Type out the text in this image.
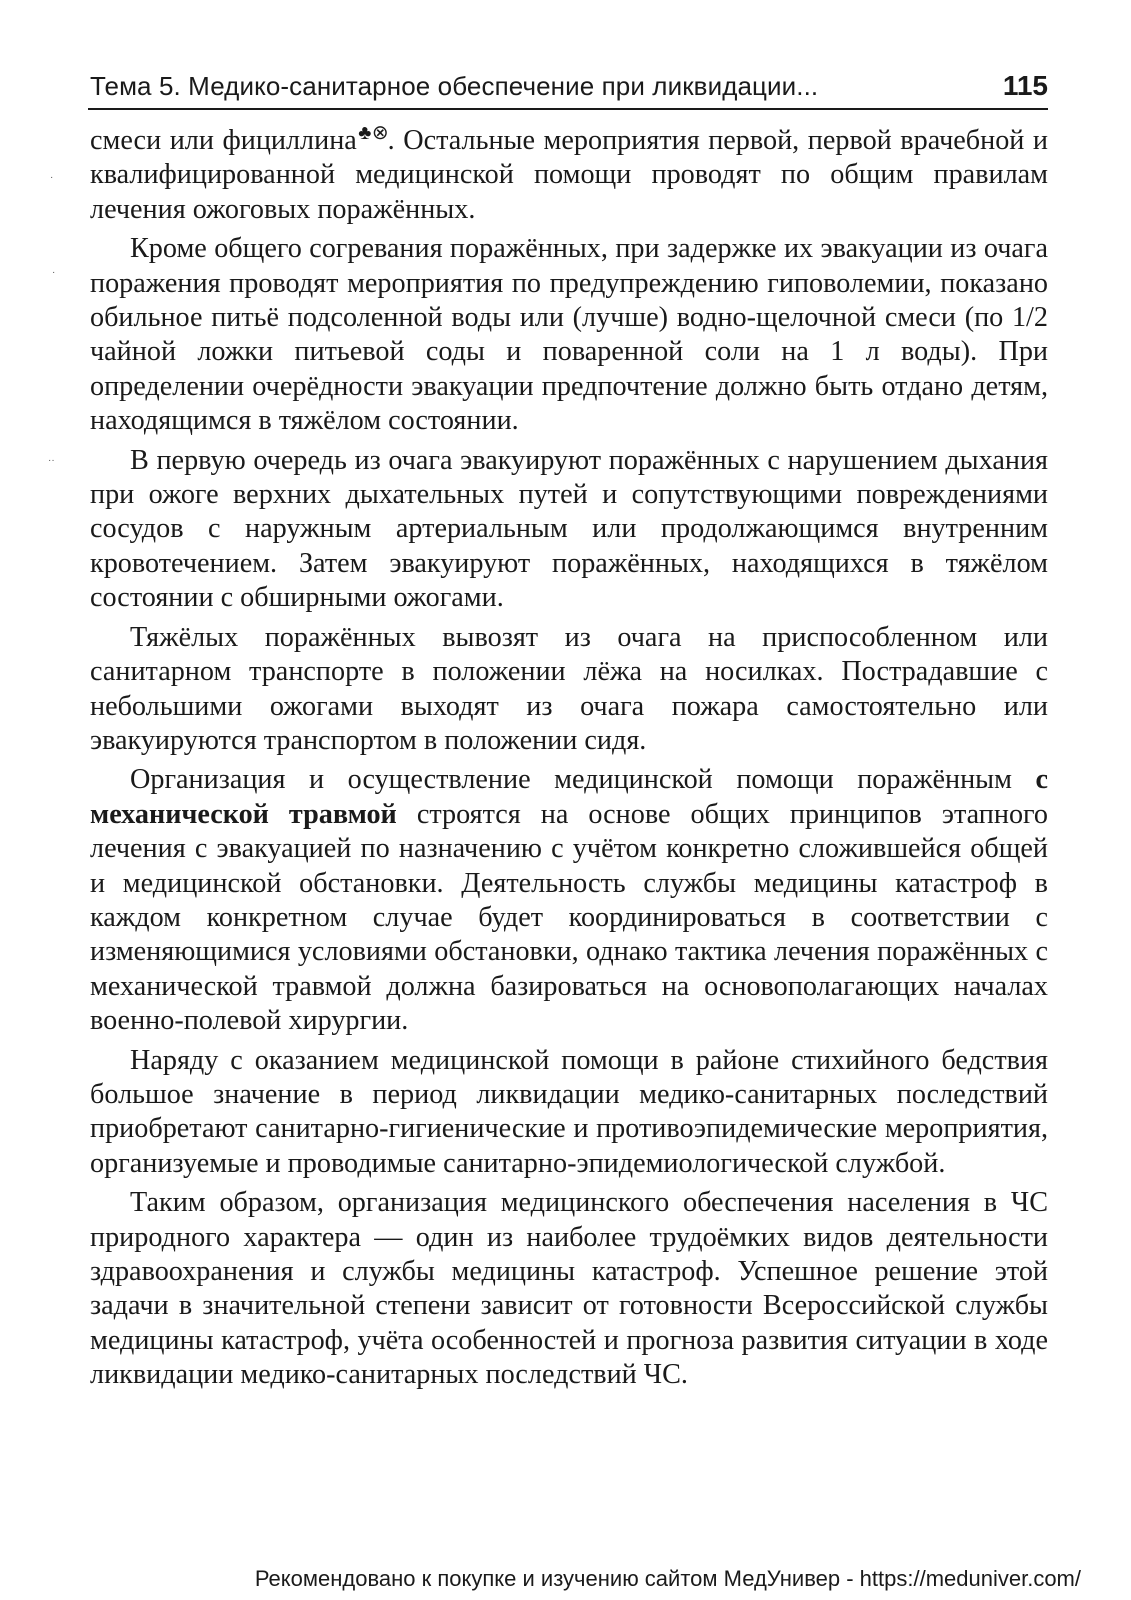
Тема 5. Медико-санитарное обеспечение при ликвидации...	115
·
·
··

смеси или фициллина♣⊗. Остальные мероприятия первой, первой врачебной и квалифицированной медицинской помощи проводят по общим правилам лечения ожоговых поражённых.

Кроме общего согревания поражённых, при задержке их эвакуации из очага поражения проводят мероприятия по предупреждению гиповолемии, показано обильное питьё подсоленной воды или (лучше) водно-щелочной смеси (по 1/2 чайной ложки питьевой соды и поваренной соли на 1 л воды). При определении очерёдности эвакуации предпочтение должно быть отдано детям, находящимся в тяжёлом состоянии.

В первую очередь из очага эвакуируют поражённых с нарушением дыхания при ожоге верхних дыхательных путей и сопутствующими повреждениями сосудов с наружным артериальным или продолжающимся внутренним кровотечением. Затем эвакуируют поражённых, находящихся в тяжёлом состоянии с обширными ожогами.

Тяжёлых поражённых вывозят из очага на приспособленном или санитарном транспорте в положении лёжа на носилках. Пострадавшие с небольшими ожогами выходят из очага пожара самостоятельно или эвакуируются транспортом в положении сидя.

Организация и осуществление медицинской помощи поражённым с механической травмой строятся на основе общих принципов этапного лечения с эвакуацией по назначению с учётом конкретно сложившейся общей и медицинской обстановки. Деятельность службы медицины катастроф в каждом конкретном случае будет координироваться в соответствии с изменяющимися условиями обстановки, однако тактика лечения поражённых с механической травмой должна базироваться на основополагающих началах военно-полевой хирургии.

Наряду с оказанием медицинской помощи в районе стихийного бедствия большое значение в период ликвидации медико-санитарных последствий приобретают санитарно-гигиенические и противоэпидемические мероприятия, организуемые и проводимые санитарно-эпидемиологической службой.

Таким образом, организация медицинского обеспечения населения в ЧС природного характера — один из наиболее трудоёмких видов деятельности здравоохранения и службы медицины катастроф. Успешное решение этой задачи в значительной степени зависит от готовности Всероссийской службы медицины катастроф, учёта особенностей и прогноза развития ситуации в ходе ликвидации медико-санитарных последствий ЧС.

Рекомендовано к покупке и изучению сайтом МедУнивер - https://meduniver.com/
